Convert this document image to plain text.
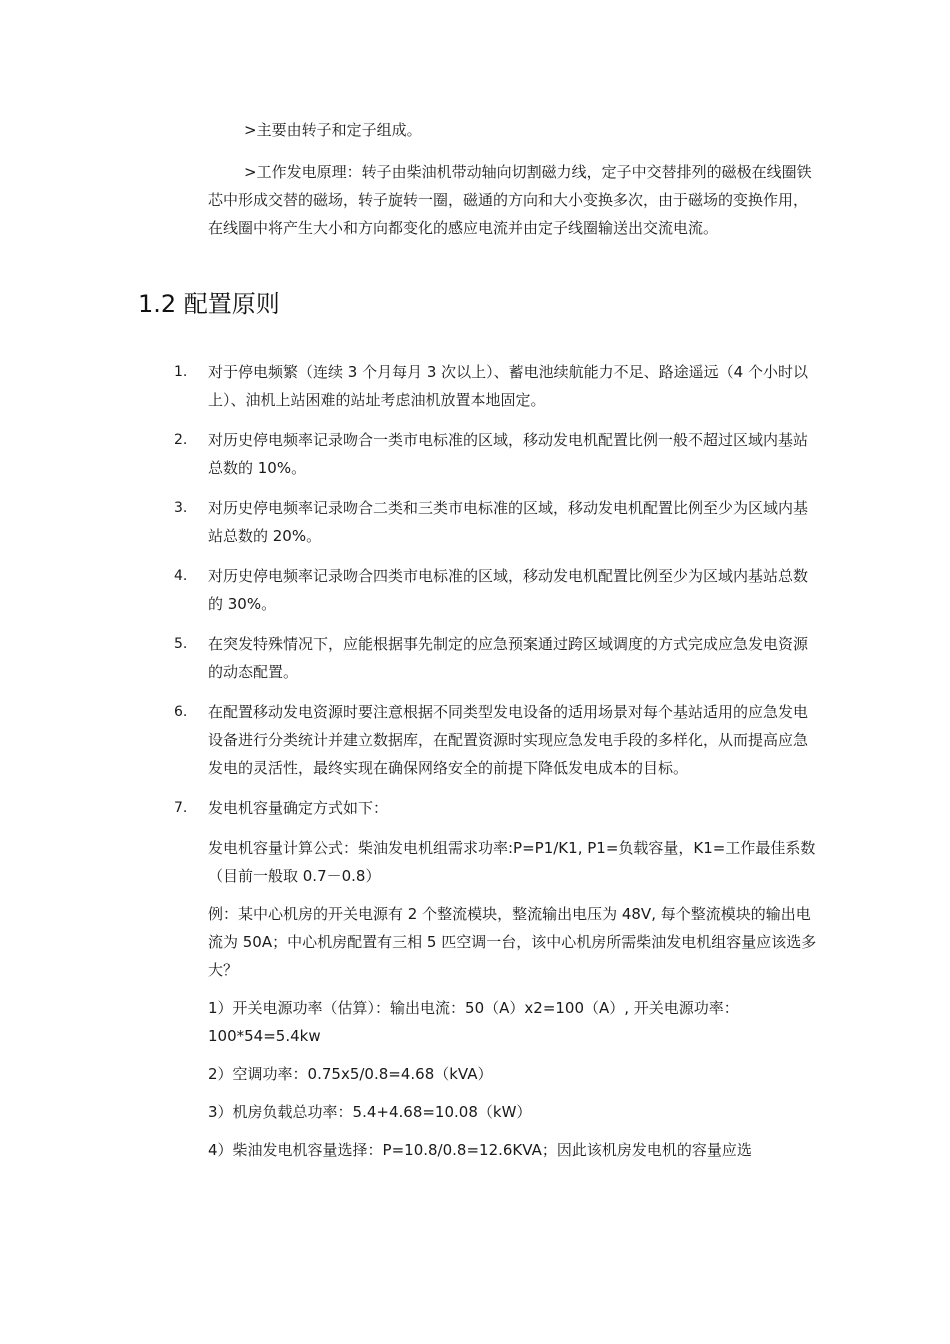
>主要由转子和定子组成。

>工作发电原理：转子由柴油机带动轴向切割磁力线，定子中交替排列的磁极在线圈铁芯中形成交替的磁场，转子旋转一圈，磁通的方向和大小变换多次，由于磁场的变换作用，在线圈中将产生大小和方向都变化的感应电流并由定子线圈输送出交流电流。

1.2 配置原则
1.	对于停电频繁（连续 3 个月每月 3 次以上）、蓄电池续航能力不足、路途遥远（4 个小时以上）、油机上站困难的站址考虑油机放置本地固定。
2.	对历史停电频率记录吻合一类市电标准的区域，移动发电机配置比例一般不超过区域内基站总数的 10%。
3.	对历史停电频率记录吻合二类和三类市电标准的区域，移动发电机配置比例至少为区域内基站总数的 20%。
4.	对历史停电频率记录吻合四类市电标准的区域，移动发电机配置比例至少为区域内基站总数的 30%。
5.	在突发特殊情况下，应能根据事先制定的应急预案通过跨区域调度的方式完成应急发电资源的动态配置。
6.	在配置移动发电资源时要注意根据不同类型发电设备的适用场景对每个基站适用的应急发电设备进行分类统计并建立数据库，在配置资源时实现应急发电手段的多样化，从而提高应急发电的灵活性，最终实现在确保网络安全的前提下降低发电成本的目标。
7.	发电机容量确定方式如下：

发电机容量计算公式：柴油发电机组需求功率:P=P1/K1, P1=负载容量，K1=工作最佳系数（目前一般取 0.7－0.8）

例：某中心机房的开关电源有 2 个整流模块，整流输出电压为 48V, 每个整流模块的输出电流为 50A；中心机房配置有三相 5 匹空调一台，该中心机房所需柴油发电机组容量应该选多大？

1）开关电源功率（估算）：输出电流：50（A）x2=100（A）, 开关电源功率：100*54=5.4kw

2）空调功率：0.75x5/0.8=4.68（kVA）

3）机房负载总功率：5.4+4.68=10.08（kW）

4）柴油发电机容量选择：P=10.8/0.8=12.6KVA；因此该机房发电机的容量应选
